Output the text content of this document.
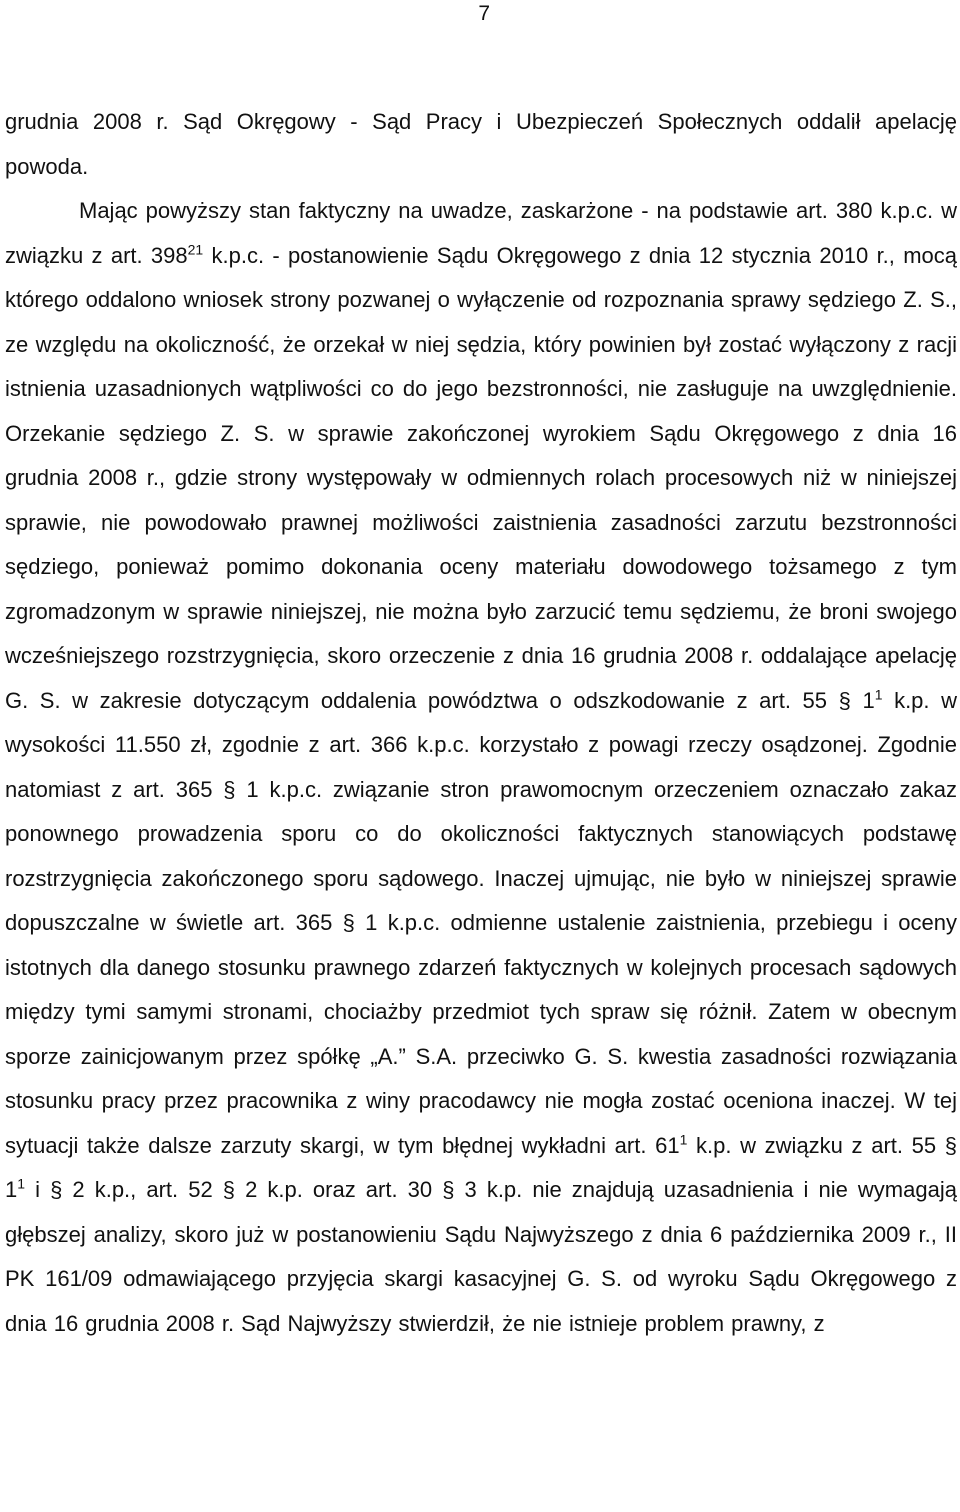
7

grudnia 2008 r. Sąd Okręgowy - Sąd Pracy i Ubezpieczeń Społecznych oddalił apelację powoda.

Mając powyższy stan faktyczny na uwadze, zaskarżone - na podstawie art. 380 k.p.c. w związku z art. $398^{21}$ k.p.c. - postanowienie Sądu Okręgowego z dnia 12 stycznia 2010 r., mocą którego oddalono wniosek strony pozwanej o wyłączenie od rozpoznania sprawy sędziego Z. S., ze względu na okoliczność, że orzekał w niej sędzia, który powinien był zostać wyłączony z racji istnienia uzasadnionych wątpliwości co do jego bezstronności, nie zasługuje na uwzględnienie. Orzekanie sędziego Z. S. w sprawie zakończonej wyrokiem Sądu Okręgowego z dnia 16 grudnia 2008 r., gdzie strony występowały w odmiennych rolach procesowych niż w niniejszej sprawie, nie powodowało prawnej możliwości zaistnienia zasadności zarzutu bezstronności sędziego, ponieważ pomimo dokonania oceny materiału dowodowego tożsamego z tym zgromadzonym w sprawie niniejszej, nie można było zarzucić temu sędziemu, że broni swojego wcześniejszego rozstrzygnięcia, skoro orzeczenie z dnia 16 grudnia 2008 r. oddalające apelację G. S. w zakresie dotyczącym oddalenia powództwa o odszkodowanie z art. 55 § $1^1$ k.p. w wysokości 11.550 zł, zgodnie z art. 366 k.p.c. korzystało z powagi rzeczy osądzonej. Zgodnie natomiast z art. 365 § 1 k.p.c. związanie stron prawomocnym orzeczeniem oznaczało zakaz ponownego prowadzenia sporu co do okoliczności faktycznych stanowiących podstawę rozstrzygnięcia zakończonego sporu sądowego. Inaczej ujmując, nie było w niniejszej sprawie dopuszczalne w świetle art. 365 § 1 k.p.c. odmienne ustalenie zaistnienia, przebiegu i oceny istotnych dla danego stosunku prawnego zdarzeń faktycznych w kolejnych procesach sądowych między tymi samymi stronami, chociażby przedmiot tych spraw się różnił. Zatem w obecnym sporze zainicjowanym przez spółkę „A.” S.A. przeciwko G. S. kwestia zasadności rozwiązania stosunku pracy przez pracownika z winy pracodawcy nie mogła zostać oceniona inaczej. W tej sytuacji także dalsze zarzuty skargi, w tym błędnej wykładni art. $61^1$ k.p. w związku z art. 55 § $1^1$ i § 2 k.p., art. 52 § 2 k.p. oraz art. 30 § 3 k.p. nie znajdują uzasadnienia i nie wymagają głębszej analizy, skoro już w postanowieniu Sądu Najwyższego z dnia 6 października 2009 r., II PK 161/09 odmawiającego przyjęcia skargi kasacyjnej G. S. od wyroku Sądu Okręgowego z dnia 16 grudnia 2008 r. Sąd Najwyższy stwierdził, że nie istnieje problem prawny, z
